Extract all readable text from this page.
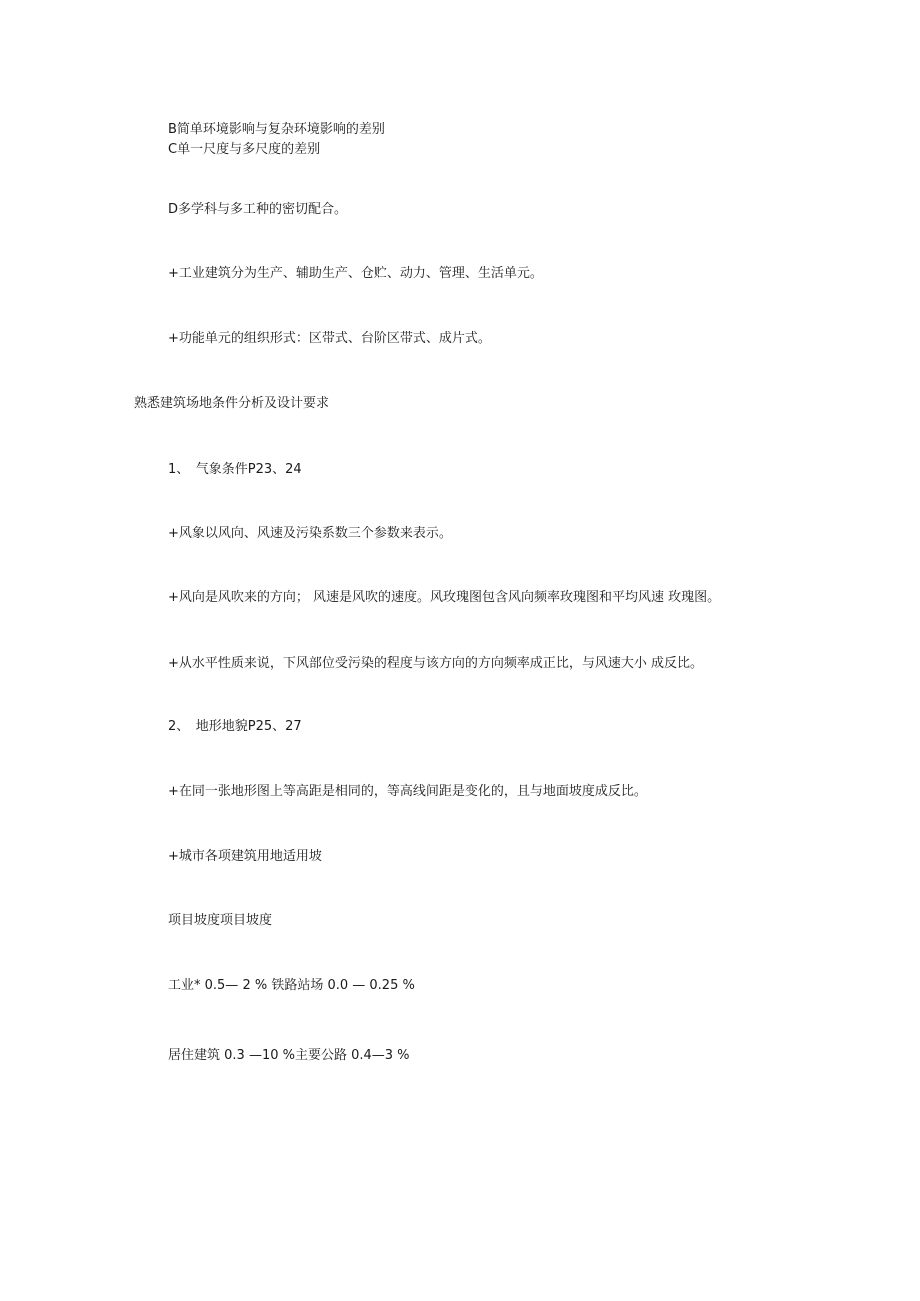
B简单环境影响与复杂环境影响的差别
C单一尺度与多尺度的差别
D多学科与多工种的密切配合。
+工业建筑分为生产、辅助生产、仓贮、动力、管理、生活单元。
+功能单元的组织形式：区带式、台阶区带式、成片式。
熟悉建筑场地条件分析及设计要求
1、　气象条件P23、24
+风象以风向、风速及污染系数三个参数来表示。
+风向是风吹来的方向； 风速是风吹的速度。风玫瑰图包含风向频率玫瑰图和平均风速 玫瑰图。
+从水平性质来说，下风部位受污染的程度与该方向的方向频率成正比，与风速大小 成反比。
2、　地形地貌P25、27
+在同一张地形图上等高距是相同的，等高线间距是变化的，且与地面坡度成反比。
+城市各项建筑用地适用坡
项目坡度项目坡度
工业* 0.5— 2 % 铁路站场 0.0 — 0.25 %
居住建筑 0.3 —10 %主要公路 0.4—3 %
